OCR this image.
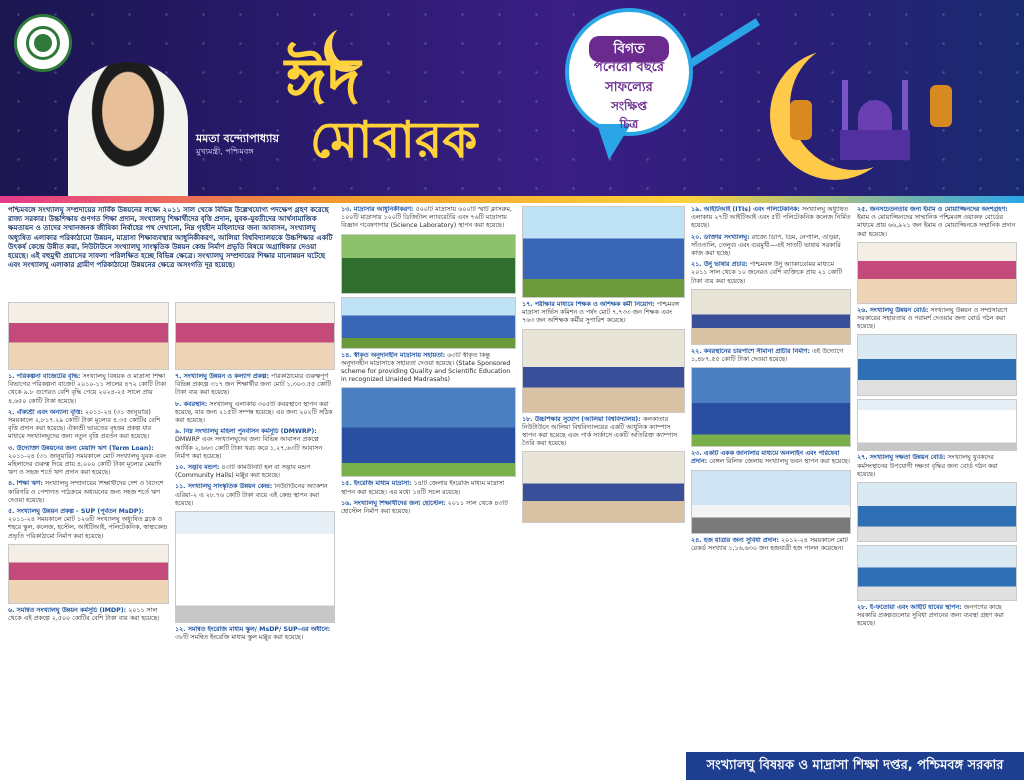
মমতা বন্দ্যোপাধ্যায়
মুখ্যমন্ত্রী, পশ্চিমবঙ্গ
ঈদ
মোবারক
বিগত
পনেরো বছরে
সাফল্যের
সংক্ষিপ্ত
চিত্র
পশ্চিমবঙ্গে সংখ্যালঘু সম্প্রদায়ের সার্বিক উন্নয়নের লক্ষ্যে ২০১১ সাল থেকে বিভিন্ন উল্লেখযোগ্য পদক্ষেপ গ্রহণ করেছে রাজ্য সরকার। উচ্চশিক্ষায় গুণগত শিক্ষা প্রদান, সংখ্যালঘু শিক্ষার্থীদের বৃত্তি প্রদান, যুবক-যুবতীদের আর্থসামাজিক ক্ষমতায়ন ও তাদের সম্মানজনক জীবিকা নির্বাহের পথ দেখানো, নিম্ন গৃহহীন মহিলাদের জন্য আবাসন, সংখ্যালঘু অধ্যুষিত এলাকার পরিকাঠামো উন্নয়ন, মাদ্রাসা শিক্ষাব্যবস্থার আধুনিকীকরণ, আলিয়া বিশ্ববিদ্যালয়কে উচ্চশিক্ষার একটি উৎকর্ষ কেন্দ্রে উন্নীত করা, নিউটাউনে সংখ্যালঘু সাংস্কৃতিক উন্নয়ন কেন্দ্র নির্মাণ প্রভৃতি বিষয়ে অগ্রাধিকার দেওয়া হয়েছে। এই বহুমুখী প্রয়াসের সাফল্য পরিলক্ষিত হচ্ছে বিভিন্ন ক্ষেত্রে। সংখ্যালঘু সম্প্রদায়ের শিক্ষার মানোন্নয়ন ঘটেছে এবং সংখ্যালঘু এলাকার গ্রামীণ পরিকাঠামো উন্নয়নের ক্ষেত্রে অসংগতি দূর হয়েছে।
১. পরিকল্পনা বাজেটের বৃদ্ধি: সংখ্যালঘু বিষয়ক ও মাদ্রাসা শিক্ষা বিভাগের পরিকল্পনা বাজেট ২০১০-১১ সালের ৪৭২ কোটি টাকা থেকে ৯.৮ গুণেরও বেশি বৃদ্ধি পেয়ে ২০২৪-২৫ সালে প্রায় ৪,৬৫০ কোটি টাকা হয়েছে।
২. ঐক্যশ্রী এবং অন্যান্য বৃত্তি: ২০১১-২৪ (৩১ জানুয়ারি) সময়কালে ২,৮১৭.২৯ কোটি টাকা মূল্যের ৪.৩৫ কোটির বেশি বৃত্তি প্রদান করা হয়েছে। ঐক্যশ্রী ভারতের বৃহত্তম প্রকল্প যার মাধ্যমে সংখ্যালঘুদের জন্য নতুন বৃত্তি প্রবর্তন করা হয়েছে।
৩. উদ্যোক্তা উন্নয়নের জন্য মেয়াদি ঋণ (Term Loan): ২০১১-২৪ (৩১ জানুয়ারি) সময়কালে মোট সংখ্যালঘু যুবক এবং মহিলাদের গুরুত্ব দিয়ে প্রায় ৪,০০০ কোটি টাকা মূল্যের মেয়াদি ঋণ ও সহজ শর্তে ঋণ প্রদান করা হয়েছে।
৪. শিক্ষা ঋণ: সংখ্যালঘু সম্প্রদায়ের শিক্ষার্থীদের দেশ ও বিদেশে কারিগরি ও পেশাগত পাঠক্রমে অধ্যয়নের জন্য সহজ শর্তে ঋণ দেওয়া হয়েছে।
৫. সংখ্যালঘু উন্নয়ন প্রকল্প - SUP (পূর্বতন MsDP): ২০১১-২৪ সময়কালে মোট ১২৬টি সংখ্যালঘু অধ্যুষিত ব্লকে ও শহরে স্কুল, কলেজ, হস্টেল, আইটিআই, পলিটেকনিক, স্বাস্থ্যকেন্দ্র প্রভৃতি পরিকাঠামো নির্মাণ করা হয়েছে।
৬. সমন্বিত সংখ্যালঘু উন্নয়ন কর্মসূচি (IMDP): ২০১১ সাল থেকে এই প্রকল্পে ২,৫০০ কোটির বেশি টাকা ব্যয় করা হয়েছে।
৭. সংখ্যালঘু উন্নয়ন ও কল্যাণ প্রকল্প: পরিকাঠামোর গুরুত্বপূর্ণ বিভিন্ন প্রকল্পে ৩১৭ জন শিক্ষার্থীর জন্য মোট ১,৩০৩.৫৫ কোটি টাকা ব্যয় করা হয়েছে।
৮. কবরস্থান: সংখ্যালঘু এলাকায় ৩০৫টি কবরস্থানে স্থাপন করা হয়েছে, যার জন্য ২১৫টি সম্পন্ন হয়েছে। এর জন্য ২০২টি সঠিক করা হয়েছে।
৯. নিম্ন সংখ্যালঘু মহিলা পুনর্বাসন কর্মসূচি (DMWRP): DMWRP এবং সংখ্যালঘুদের জন্য বিভিন্ন আবাসন প্রকল্পে আর্থিক ২,৬৬৩ কোটি টাকা খরচ করে ১,২৭,৬৩টি আবাসন নির্মাণ করা হয়েছে।
১০. সদ্ভাব মন্ডপ: ৪৩টি কমিউনিটি হল বা সদ্ভাব মন্ডপ (Community Halls) মঞ্জুর করা হয়েছে।
১১. সংখ্যালঘু সাংস্কৃতিক উন্নয়ন কেন্দ্র: নিউটাউনের অ্যাকশন এরিয়া-২ এ ২৮.৭৬ কোটি টাকা ব্যয়ে এই কেন্দ্র স্থাপন করা হয়েছে।
১২. সমন্বিত ইংরেজি মাধ্যম স্কুল/ MsDP/ SUP-এর অধীনে: ৩৮টি সমন্বিত ইংরেজি মাধ্যম স্কুল মঞ্জুর করা হয়েছে।
১৩. মাদ্রাসার আধুনিকীকরণ: ৫০০টি মাদ্রাসায় ৬০০টি স্মার্ট ক্লাসরুম, ১০০টি মাদ্রাসায় ১০০টি ডিজিটাল ল্যাবরেটরি এবং ৭৬টি মাদ্রাসায় বিজ্ঞান গবেষণাগার (Science Laboratory) স্থাপন করা হয়েছে।
১৪. স্বীকৃত অনুদানহীন মাদ্রাসায় সহায়তা: ৬৩টি স্বীকৃত কিন্তু অনুদানহীন মাদ্রাসাকে সহায়তা দেওয়া হয়েছে। (State Sponsored scheme for providing Quality and Scientific Education in recognized Unaided Madrasahs)
১৫. ইংরেজি মাধ্যম মাদ্রাসা: ১৪টি জেলায় ইংরেজি মাধ্যম মাদ্রাসা স্থাপন করা হয়েছে। এর মধ্যে ১৪টি সচল রয়েছে।
১৬. সংখ্যালঘু শিক্ষার্থীদের জন্য হোস্টেল: ২০১১ সাল থেকে ৪৩টি হোস্টেল নির্মাণ করা হয়েছে।
১৭. পরীক্ষার মাধ্যমে শিক্ষক ও অশিক্ষক কর্মী নিয়োগ: পশ্চিমবঙ্গ মাদ্রাসা সার্ভিস কমিশন ও পর্ষদ মোট ৭,৭৩৩ জন শিক্ষক এবং ৭৬৩ জন অশিক্ষক কর্মীর সুপারিশ করেছে।
১৮. উচ্চশিক্ষার সুযোগ (আলিয়া বিশ্ববিদ্যালয়): কলকাতার নিউটাউনে আলিয়া বিশ্ববিদ্যালয়ের একটি আধুনিক ক্যাম্পাস স্থাপন করা হয়েছে এবং পার্ক সার্কাসে একটি অতিরিক্ত ক্যাম্পাস তৈরি করা হয়েছে।
১৯. আইটিআই (ITIs) এবং পলিটেকনিক: সংখ্যালঘু অধ্যুষিত এলাকায় ২৭টি আইটিআই এবং ৫টি পলিটেকনিক কলেজ নির্মিত হয়েছে।
২০. ডাক্তার সংখ্যালঘু: রাজ্যে ডিপি, ডিম, নেপালি, ওড়িয়া, সাঁওতালি, তেলুগু এবং গুরমুখী—এই সাতটি ভাষায় সরকারি কাজ করা হচ্ছে।
২১. উর্দু ভাষার প্রচার: পশ্চিমবঙ্গ উর্দু অ্যাকাডেমির মাধ্যমে ২০১১ সাল থেকে ১০ জনেরও বেশি ব্যক্তিকে প্রায় ২১ কোটি টাকা ব্যয় করা হয়েছে।
২২. কবরস্থানের চারপাশে সীমানা প্রাচীর নির্মাণ: এই উদ্যোগে ১,৪৮৭.৫৫ কোটি টাকা দেওয়া হয়েছে।
২৩. একটি একক জানালার মাধ্যমে অনলাইন এবং পরিষেবা প্রদান: বেঙ্গল রিলিফ জেলায় সংখ্যালঘু ভবন স্থাপন করা হয়েছে।
২৪. হজ যাত্রার জন্য সুবিধা প্রদান: ২০১২-২৪ সময়কালে মোট রেকর্ড সংখ্যায় ১,১৬,৬৩০ জন হজযাত্রী হজ পালন করেছেন।
২৫. জনসচেতনতার জন্য ইমাম ও মোয়াজ্জিনদের অংশগ্রহণ: ইমাম ও মোয়াজ্জিনদের সাম্মানিক পশ্চিমবঙ্গ ওয়াকফ বোর্ডের মাধ্যমে প্রায় ৬৬,৯২১ জন ইমাম ও মোয়াজ্জিনকে সম্মানিক প্রদান করা হয়েছে।
২৬. সংখ্যালঘু উন্নয়ন বোর্ড: সংখ্যালঘু উন্নয়ন ও সম্প্রসারণে সরকারের সহায়তায় ও পরামর্শ দেওয়ার জন্য বোর্ড গঠন করা হয়েছে।
২৭. সংখ্যালঘু দক্ষতা উন্নয়ন বোর্ড: সংখ্যালঘু যুবকদের কর্মসংস্থানের উপযোগী দক্ষতা বৃদ্ধির জন্য বোর্ড গঠন করা হয়েছে।
২৮. ই-ফতোয়া এবং আইটি হাবের স্থাপন: জনগণের কাছে সরকারি প্রকল্পগুলোর সুবিধা প্রদানের জন্য ব্যবস্থা গ্রহণ করা হয়েছে।
সংখ্যালঘু বিষয়ক ও মাদ্রাসা শিক্ষা দপ্তর, পশ্চিমবঙ্গ সরকার
